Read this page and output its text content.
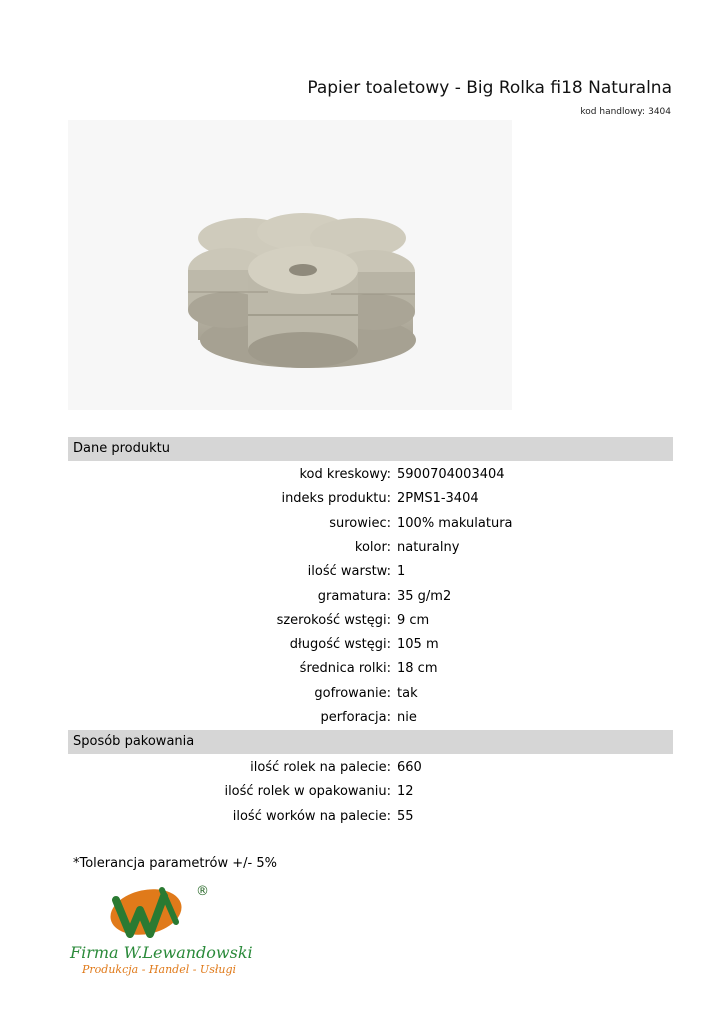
Papier toaletowy - Big Rolka fi18 Naturalna
kod handlowy: 3404
Dane produktu
kod kreskowy: 5900704003404
indeks produktu: 2PMS1-3404
surowiec: 100% makulatura
kolor: naturalny
ilość warstw: 1
gramatura: 35 g/m2
szerokość wstęgi: 9 cm
długość wstęgi: 105 m
średnica rolki: 18 cm
gofrowanie: tak
perforacja: nie
Sposób pakowania
ilość rolek na palecie: 660
ilość rolek w opakowaniu: 12
ilość worków na palecie: 55
*Tolerancja parametrów +/- 5%
®
Firma W.Lewandowski
Produkcja - Handel - Usługi
